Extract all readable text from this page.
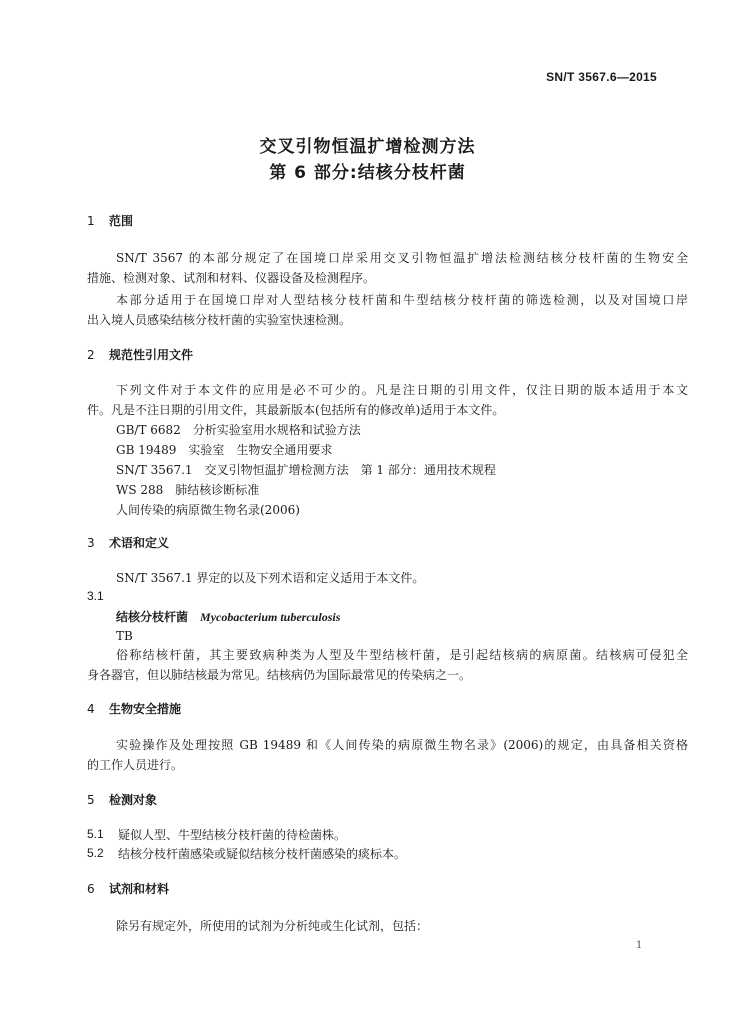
SN/T 3567.6—2015
交叉引物恒温扩增检测方法
第 6 部分:结核分枝杆菌
1 范围
SN/T 3567 的本部分规定了在国境口岸采用交叉引物恒温扩增法检测结核分枝杆菌的生物安全
措施、检测对象、试剂和材料、仪器设备及检测程序。
本部分适用于在国境口岸对人型结核分枝杆菌和牛型结核分枝杆菌的筛选检测，以及对国境口岸
出入境人员感染结核分枝杆菌的实验室快速检测。
2 规范性引用文件
下列文件对于本文件的应用是必不可少的。凡是注日期的引用文件，仅注日期的版本适用于本文
件。凡是不注日期的引用文件，其最新版本(包括所有的修改单)适用于本文件。
GB/T 6682　分析实验室用水规格和试验方法
GB 19489　实验室　生物安全通用要求
SN/T 3567.1　交叉引物恒温扩增检测方法　第 1 部分：通用技术规程
WS 288　肺结核诊断标准
人间传染的病原微生物名录(2006)
3 术语和定义
SN/T 3567.1 界定的以及下列术语和定义适用于本文件。
3.1
结核分枝杆菌　 Mycobacterium tuberculosis
TB
俗称结核杆菌，其主要致病种类为人型及牛型结核杆菌，是引起结核病的病原菌。结核病可侵犯全
身各器官，但以肺结核最为常见。结核病仍为国际最常见的传染病之一。
4 生物安全措施
实验操作及处理按照 GB 19489 和《人间传染的病原微生物名录》(2006)的规定，由具备相关资格
的工作人员进行。
5 检测对象
5.1 疑似人型、牛型结核分枝杆菌的待检菌株。
5.2 结核分枝杆菌感染或疑似结核分枝杆菌感染的痰标本。
6 试剂和材料
除另有规定外，所使用的试剂为分析纯或生化试剂，包括：
1
